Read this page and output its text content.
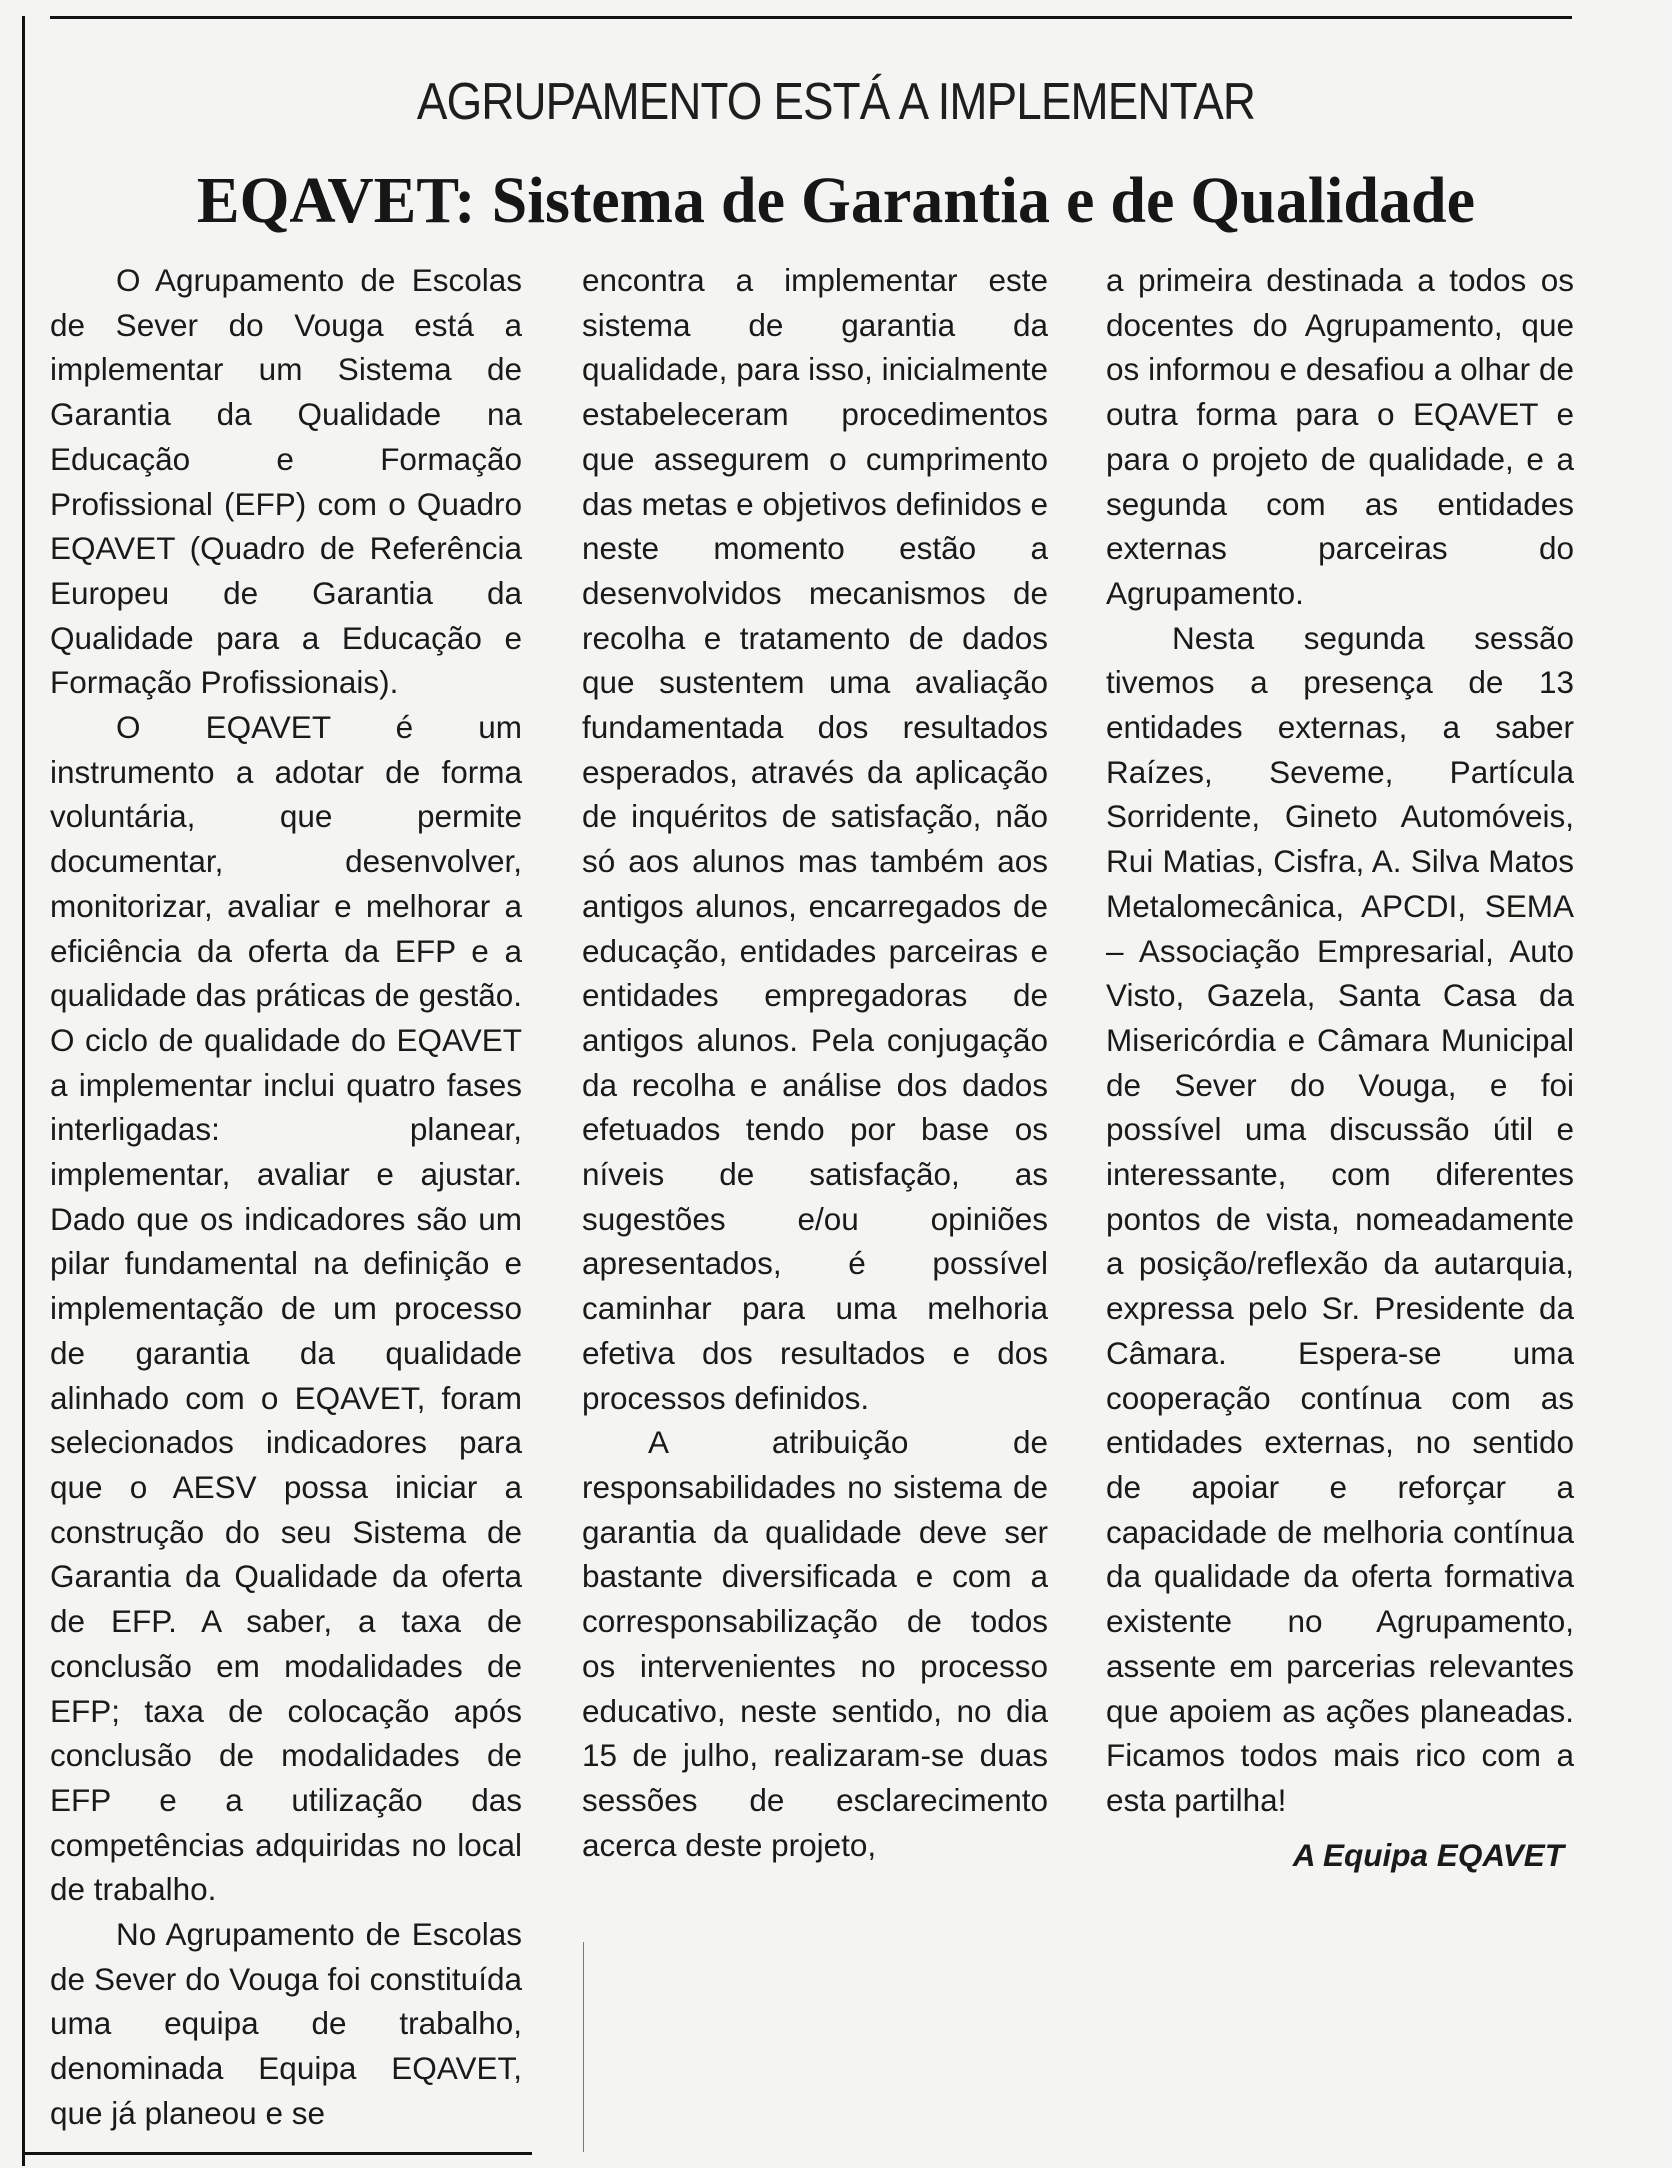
AGRUPAMENTO ESTÁ A IMPLEMENTAR
EQAVET: Sistema de Garantia e de Qualidade

O Agrupamento de Escolas de Sever do Vouga está a implementar um Sistema de Garantia da Qualidade na Educação e Formação Profissional (EFP) com o Quadro EQAVET (Quadro de Referência Europeu de Garantia da Qualidade para a Educação e Formação Profissionais).

O EQAVET é um instrumento a adotar de forma voluntária, que permite documentar, desenvolver, monitorizar, avaliar e melhorar a eficiência da oferta da EFP e a qualidade das práticas de gestão. O ciclo de qualidade do EQAVET a implementar inclui quatro fases interligadas: planear, implementar, avaliar e ajustar. Dado que os indicadores são um pilar fundamental na definição e implementação de um processo de garantia da qualidade alinhado com o EQAVET, foram selecionados indicadores para que o AESV possa iniciar a construção do seu Sistema de Garantia da Qualidade da oferta de EFP. A saber, a taxa de conclusão em modalidades de EFP; taxa de colocação após conclusão de modalidades de EFP e a utilização das competências adquiridas no local de trabalho.

No Agrupamento de Escolas de Sever do Vouga foi constituída uma equipa de trabalho, denominada Equipa EQAVET, que já planeou e se

encontra a implementar este sistema de garantia da qualidade, para isso, inicialmente estabeleceram procedimentos que assegurem o cumprimento das metas e objetivos definidos e neste momento estão a desenvolvidos mecanismos de recolha e tratamento de dados que sustentem uma avaliação fundamentada dos resultados esperados, através da aplicação de inquéritos de satisfação, não só aos alunos mas também aos antigos alunos, encarregados de educação, entidades parceiras e entidades empregadoras de antigos alunos. Pela conjugação da recolha e análise dos dados efetuados tendo por base os níveis de satisfação, as sugestões e/ou opiniões apresentados, é possível caminhar para uma melhoria efetiva dos resultados e dos processos definidos.

A atribuição de responsabilidades no sistema de garantia da qualidade deve ser bastante diversificada e com a corresponsabilização de todos os intervenientes no processo educativo, neste sentido, no dia 15 de julho, realizaram-se duas sessões de esclarecimento acerca deste projeto,

a primeira destinada a todos os docentes do Agrupamento, que os informou e desafiou a olhar de outra forma para o EQAVET e para o projeto de qualidade, e a segunda com as entidades externas parceiras do Agrupamento.

Nesta segunda sessão tivemos a presença de 13 entidades externas, a saber Raízes, Seveme, Partícula Sorridente, Gineto Automóveis, Rui Matias, Cisfra, A. Silva Matos Metalomecânica, APCDI, SEMA – Associação Empresarial, Auto Visto, Gazela, Santa Casa da Misericórdia e Câmara Municipal de Sever do Vouga, e foi possível uma discussão útil e interessante, com diferentes pontos de vista, nomeadamente a posição/reflexão da autarquia, expressa pelo Sr. Presidente da Câmara. Espera-se uma cooperação contínua com as entidades externas, no sentido de apoiar e reforçar a capacidade de melhoria contínua da qualidade da oferta formativa existente no Agrupamento, assente em parcerias relevantes que apoiem as ações planeadas. Ficamos todos mais rico com a esta partilha!

A Equipa EQAVET
